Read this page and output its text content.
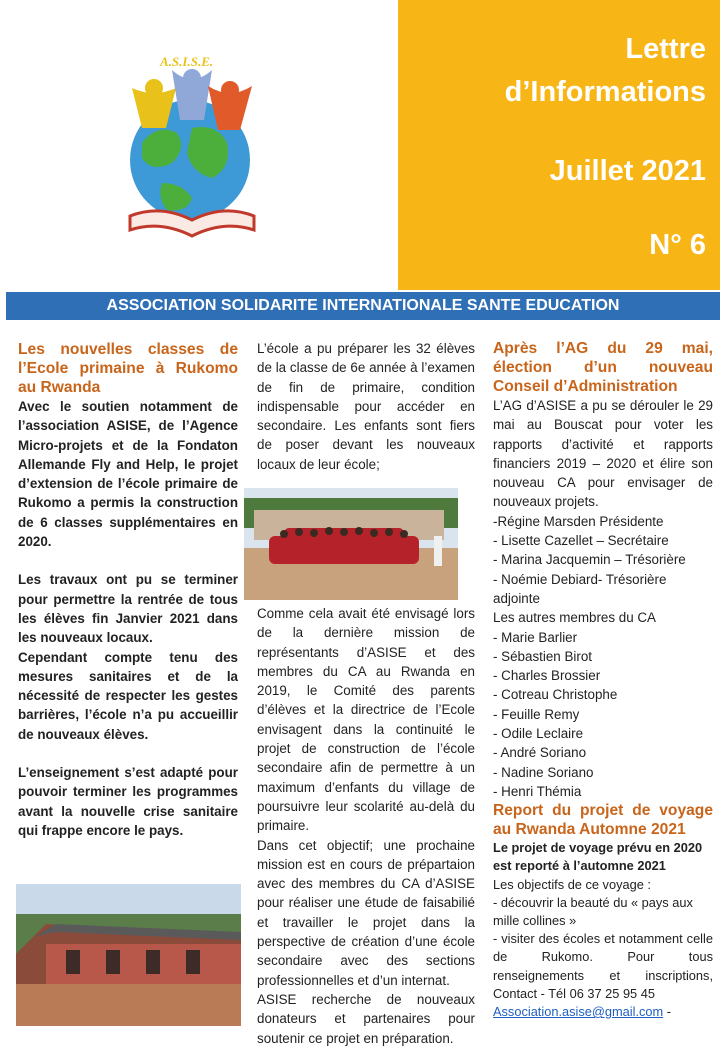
A.S.I.S.E.	Lettre

d’Informations

Juillet 2021

N° 6

ASSOCIATION SOLIDARITE INTERNATIONALE SANTE EDUCATION

Les nouvelles classes de l’Ecole primaine à Rukomo au Rwanda

Avec le soutien notamment de l’association ASISE, de l’Agence Micro-projets et de la Fondaton Allemande Fly and Help, le projet d’extension de l’école primaire de Rukomo a permis la construction de 6 classes supplémentaires en 2020.

Les travaux ont pu se terminer pour permettre la rentrée de tous les élèves fin Janvier 2021 dans les nouveaux locaux.

Cependant compte tenu des mesures sanitaires et de la nécessité de respecter les gestes barrières, l’école n’a pu accueillir de nouveaux élèves.

L’enseignement s’est adapté pour pouvoir terminer les programmes avant la nouvelle crise sanitaire qui frappe encore le pays.

L’école a pu préparer les 32 élèves de la classe de 6e année à l’examen de fin de primaire, condition indispensable pour accéder en secondaire. Les enfants sont fiers de poser devant les nouveaux locaux de leur école;

Comme cela avait été envisagé lors de la dernière mission de représentants d’ASISE et des membres du CA au Rwanda en 2019, le Comité des parents d’élèves et la directrice de l’Ecole envisagent dans la continuité le projet de construction de l’école secondaire afin de permettre à un maximum d’enfants du village de poursuivre leur scolarité au-delà du primaire.

Dans cet objectif; une prochaine mission est en cours de prépartaion avec des membres du CA d’ASISE pour réaliser une étude de faisabilié et travailler le projet dans la perspective de création d’une école secondaire avec des sections professionnelles et d’un internat.

ASISE recherche de nouveaux donateurs et partenaires pour soutenir ce projet en préparation.

Après l’AG du 29 mai, élection d’un nouveau Conseil d’Administration

L’AG d’ASISE a pu se dérouler le 29 mai au Bouscat pour voter les rapports d’activité et rapports financiers 2019 – 2020 et élire son nouveau CA pour envisager de nouveaux projets.

-Régine Marsden Présidente

- Lisette Cazellet – Secrétaire

- Marina Jacquemin – Trésorière

- Noémie Debiard- Trésorière adjointe

Les autres membres du CA

- Marie Barlier

- Sébastien Birot

- Charles Brossier

- Cotreau Christophe

- Feuille Remy

- Odile Leclaire

- André Soriano

- Nadine Soriano

- Henri Thémia

Report du projet de voyage au Rwanda Automne 2021

Le projet de voyage prévu en 2020 est reporté à l’automne 2021

Les objectifs de ce voyage :

- découvrir la beauté du « pays aux mille collines »

- visiter des écoles et notamment celle de Rukomo. Pour tous renseignements et inscriptions, Contact - Tél 06 37 25 95 45

Association.asise@gmail.com -
